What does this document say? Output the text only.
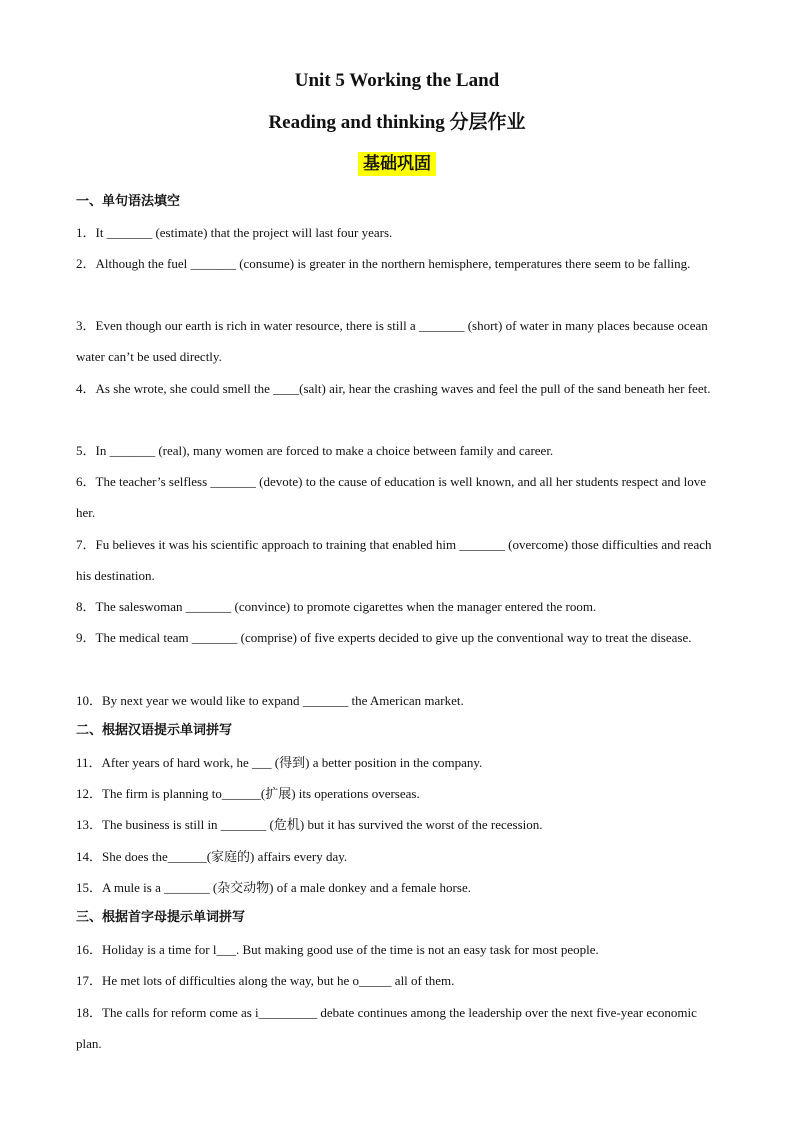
Unit 5 Working the Land
Reading and thinking 分层作业
基础巩固
一、单句语法填空
1．It _______ (estimate) that the project will last four years.
2．Although the fuel _______ (consume) is greater in the northern hemisphere, temperatures there seem to be falling.
3．Even though our earth is rich in water resource, there is still a _______ (short) of water in many places because ocean water can’t be used directly.
4．As she wrote, she could smell the ____(salt) air, hear the crashing waves and feel the pull of the sand beneath her feet.
5．In _______ (real), many women are forced to make a choice between family and career.
6．The teacher’s selfless _______ (devote) to the cause of education is well known, and all her students respect and love her.
7．Fu believes it was his scientific approach to training that enabled him _______ (overcome) those difficulties and reach his destination.
8．The saleswoman _______ (convince) to promote cigarettes when the manager entered the room.
9．The medical team _______ (comprise) of five experts decided to give up the conventional way to treat the disease.
10．By next year we would like to expand _______ the American market.
二、根据汉语提示单词拼写
11．After years of hard work, he ___ (得到) a better position in the company.
12．The firm is planning to______(扩展) its operations overseas.
13．The business is still in _______ (危机) but it has survived the worst of the recession.
14．She does the______(家庭的) affairs every day.
15．A mule is a _______ (杂交动物) of a male donkey and a female horse.
三、根据首字母提示单词拼写
16．Holiday is a time for l___. But making good use of the time is not an easy task for most people.
17．He met lots of difficulties along the way, but he o_____ all of them.
18．The calls for reform come as i_________ debate continues among the leadership over the next five-year economic plan.
